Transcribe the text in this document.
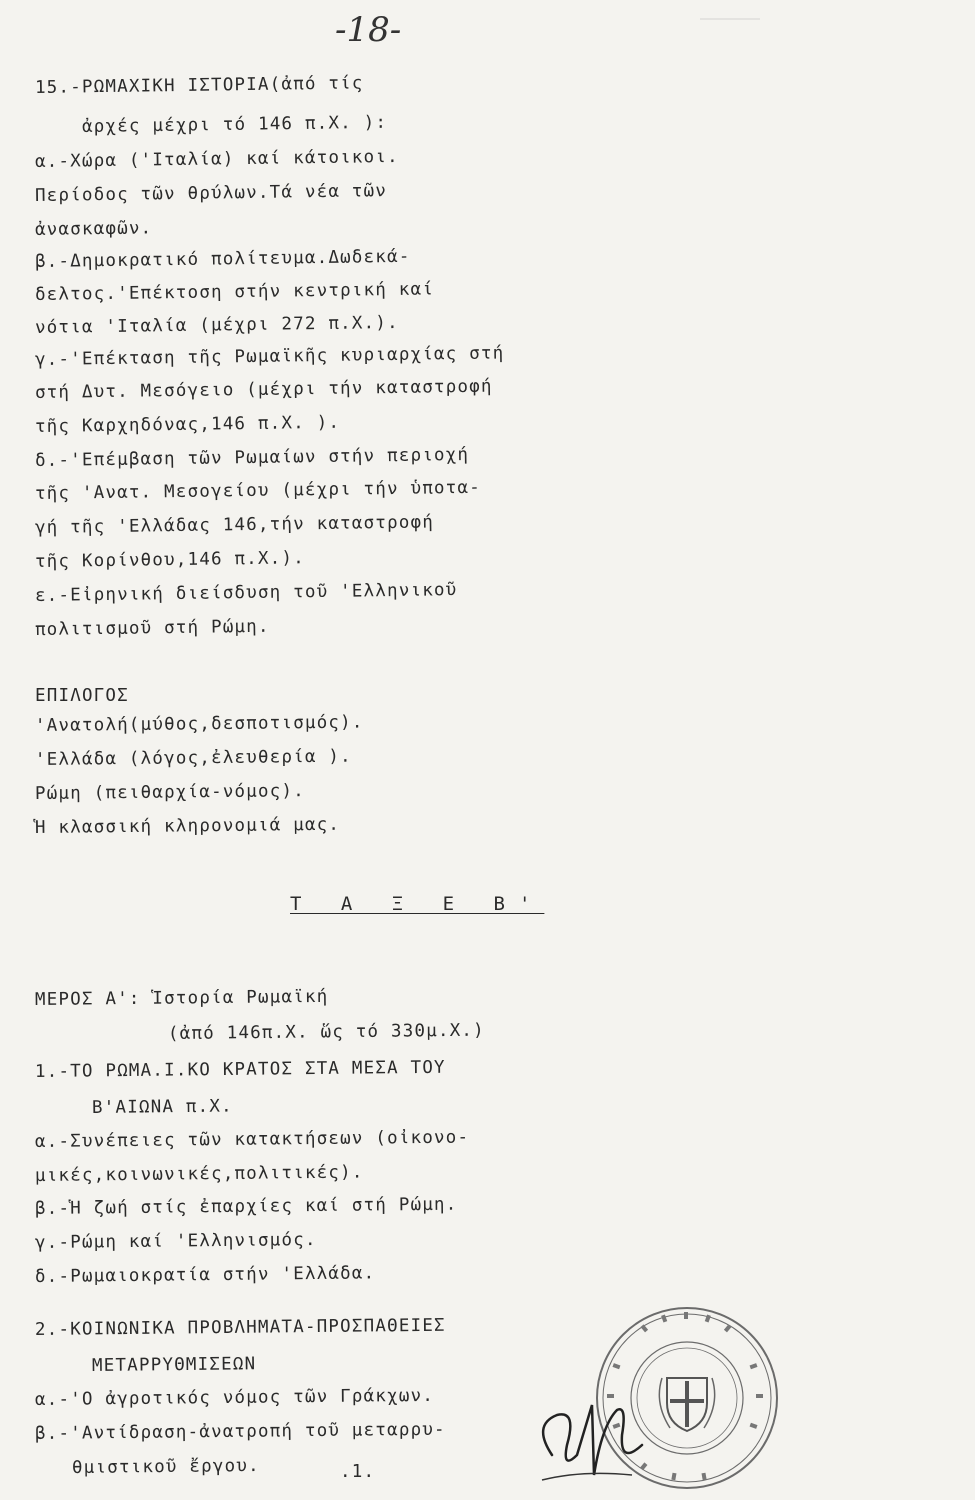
-18-
15.-ΡΩΜΑΧΙΚΗ ΙΣΤΟΡΙΑ(ἀπό τίς
ἀρχές μέχρι τό 146 π.Χ. ):
α.-Χώρα ('Ιταλία) καί κάτοικοι.
Περίοδος τῶν θρύλων.Τά νέα τῶν
ἀνασκαφῶν.
β.-Δημοκρατικό πολίτευμα.Δωδεκά-
δελτος.'Επέκτοση στήν κεντρική καί
νότια 'Ιταλία (μέχρι 272 π.Χ.).
γ.-'Επέκταση τῆς Ρωμαϊκῆς κυριαρχίας στή
στή Δυτ. Μεσόγειο (μέχρι τήν καταστροφή
τῆς Καρχηδόνας,146 π.Χ. ).
δ.-'Επέμβαση τῶν Ρωμαίων στήν περιοχή
τῆς 'Ανατ. Μεσογείου (μέχρι τήν ὑποτα-
γή τῆς 'Ελλάδας 146,τήν καταστροφή
τῆς Κορίνθου,146 π.Χ.).
ε.-Εἰρηνική διείσδυση τοῦ 'Ελληνικοῦ
πολιτισμοῦ στή Ρώμη.
ΕΠΙΛΟΓΟΣ
'Ανατολή(μύθος,δεσποτισμός).
'Ελλάδα (λόγος,ἐλευθερία ).
Ρώμη (πειθαρχία-νόμος).
Ἡ κλασσική κληρονομιά μας.
Τ Α Ξ Ε Β'
ΜΕΡΟΣ Α': Ἱστορία Ρωμαϊκή
(ἀπό 146π.Χ. ὥς τό 330μ.Χ.)
1.-ΤΟ ΡΩΜΑ.Ι.ΚΟ ΚΡΑΤΟΣ ΣΤΑ ΜΕΣΑ ΤΟΥ
Β'ΑΙΩΝΑ π.Χ.
α.-Συνέπειες τῶν κατακτήσεων (οἰκονο-
μικές,κοινωνικές,πολιτικές).
β.-Ἡ ζωή στίς ἐπαρχίες καί στή Ρώμη.
γ.-Ρώμη καί 'Ελληνισμός.
δ.-Ρωμαιοκρατία στήν 'Ελλάδα.
2.-ΚΟΙΝΩΝΙΚΑ ΠΡΟΒΛΗΜΑΤΑ-ΠΡΟΣΠΑΘΕΙΕΣ
ΜΕΤΑΡΡΥΘΜΙΣΕΩΝ
α.-'Ο ἀγροτικός νόμος τῶν Γράκχων.
β.-'Αντίδραση-ἀνατροπή τοῦ μεταρρυ-
θμιστικοῦ ἔργου.	.1.
